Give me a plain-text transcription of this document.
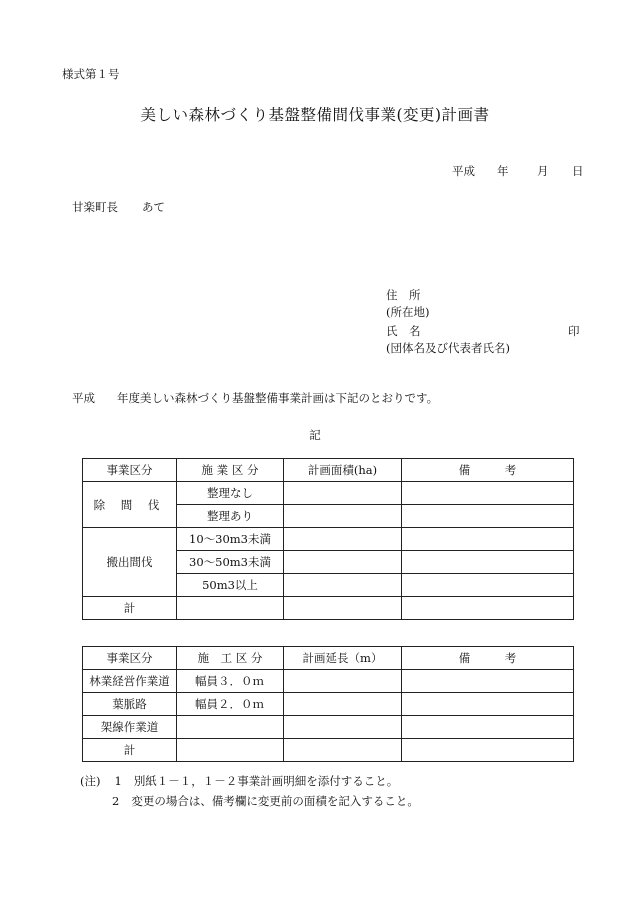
様式第１号
美しい森林づくり基盤整備間伐事業(変更)計画書
平成 年 月 日
甘楽町長 あて
住　所
(所在地)
氏　名	印
(団体名及び代表者氏名)
平成 年度美しい森林づくり基盤整備事業計画は下記のとおりです。
記
事業区分	施 業 区 分	計画面積(ha)	備　　　考
除 間 伐	整理なし		
	整理あり		
搬出間伐	10～30m3未満		
	30～50m3未満		
	50m3以上		
計			
事業区分	施　工 区 分	計画延長（m）	備　　　考
林業経営作業道	幅員３．０ｍ		
葉脈路	幅員２．０ｍ		
架線作業道			
計			
(注) 1 別紙１－１，１－２事業計画明細を添付すること。
2 変更の場合は、備考欄に変更前の面積を記入すること。
